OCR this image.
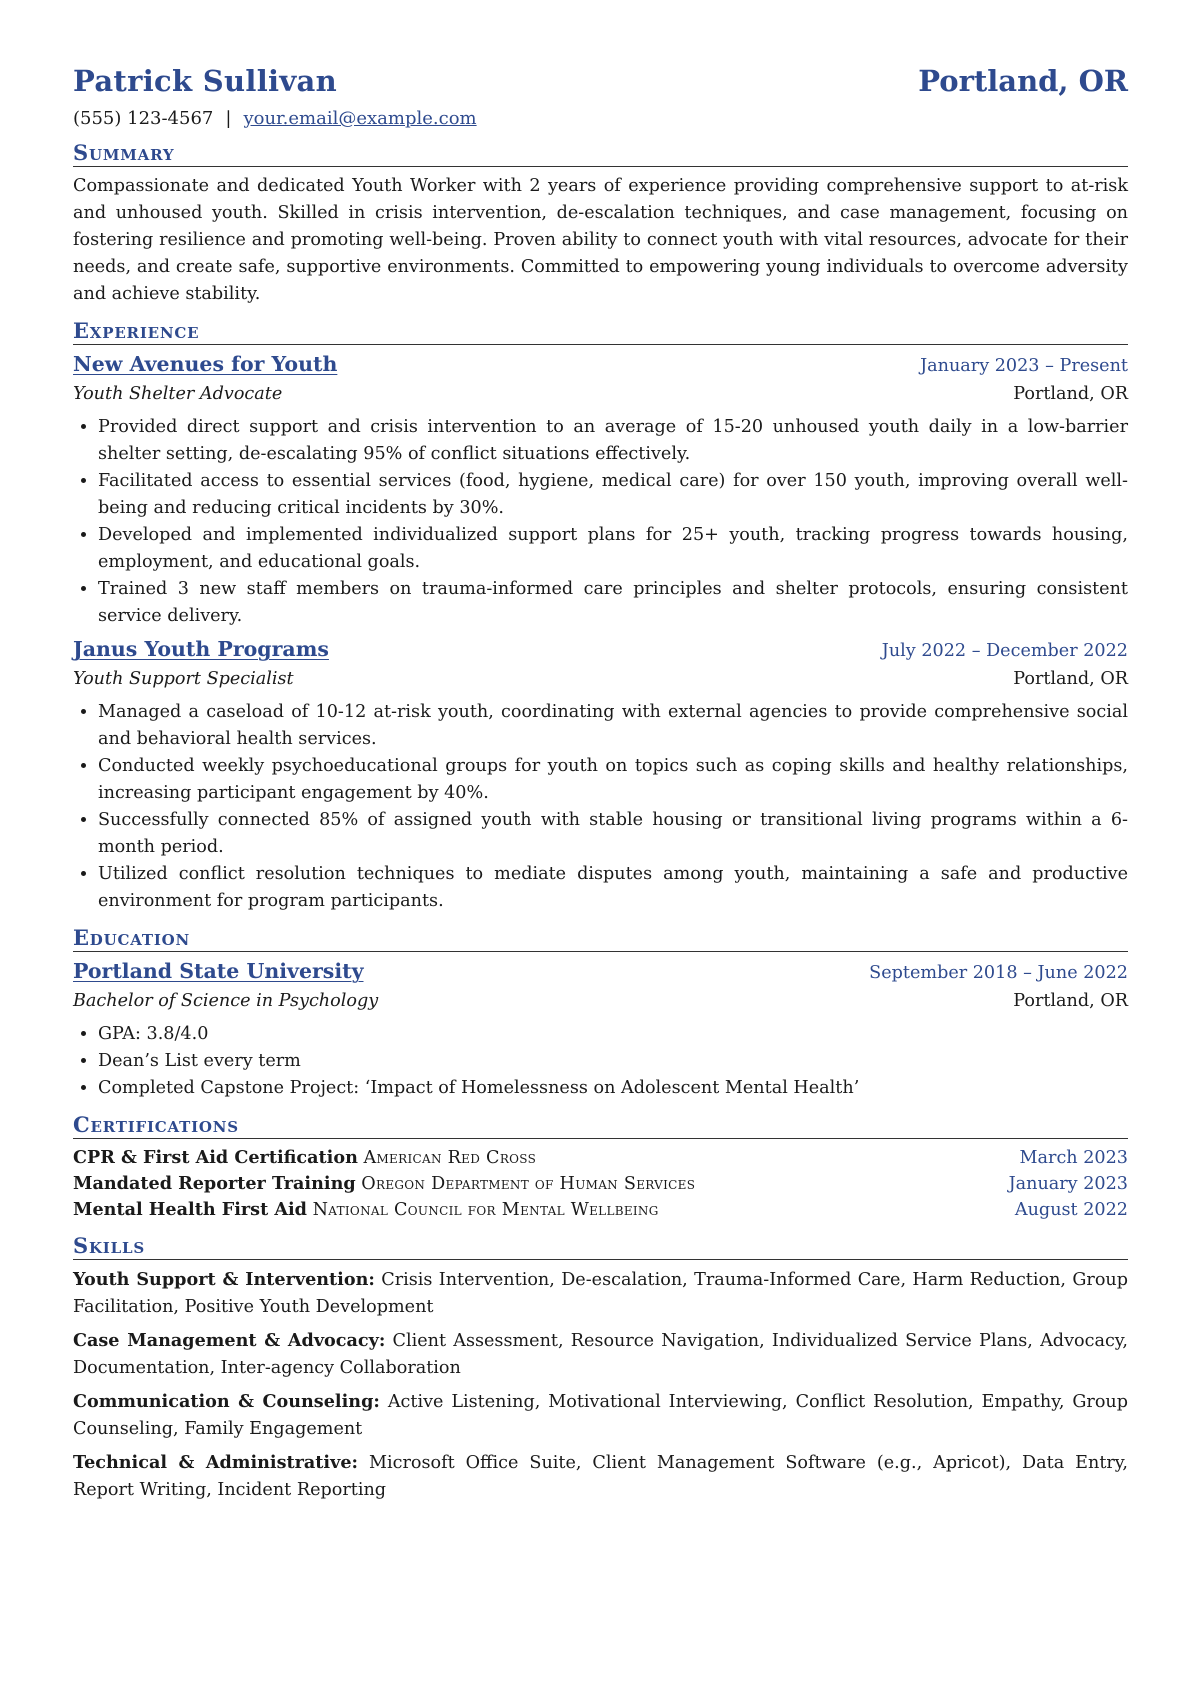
Patrick Sullivan	Portland, OR
(555) 123-4567 | your.email@example.com
Summary
Compassionate and dedicated Youth Worker with 2 years of experience providing comprehensive support to at-risk and unhoused youth. Skilled in crisis intervention, de-escalation techniques, and case management, focusing on fostering resilience and promoting well-being. Proven ability to connect youth with vital resources, advocate for their needs, and create safe, supportive environments. Committed to empowering young individuals to overcome adversity and achieve stability.
Experience
New Avenues for Youth	January 2023 – Present
Youth Shelter Advocate	Portland, OR
• Provided direct support and crisis intervention to an average of 15-20 unhoused youth daily in a low-barrier shelter setting, de-escalating 95% of conflict situations effectively.
• Facilitated access to essential services (food, hygiene, medical care) for over 150 youth, improving overall well-being and reducing critical incidents by 30%.
• Developed and implemented individualized support plans for 25+ youth, tracking progress towards housing, employment, and educational goals.
• Trained 3 new staff members on trauma-informed care principles and shelter protocols, ensuring consistent service delivery.
Janus Youth Programs	July 2022 – December 2022
Youth Support Specialist	Portland, OR
• Managed a caseload of 10-12 at-risk youth, coordinating with external agencies to provide comprehensive social and behavioral health services.
• Conducted weekly psychoeducational groups for youth on topics such as coping skills and healthy relationships, increasing participant engagement by 40%.
• Successfully connected 85% of assigned youth with stable housing or transitional living programs within a 6-month period.
• Utilized conflict resolution techniques to mediate disputes among youth, maintaining a safe and productive environment for program participants.
Education
Portland State University	September 2018 – June 2022
Bachelor of Science in Psychology	Portland, OR
• GPA: 3.8/4.0
• Dean’s List every term
• Completed Capstone Project: ‘Impact of Homelessness on Adolescent Mental Health’
Certifications
CPR & First Aid Certification American Red Cross	March 2023
Mandated Reporter Training Oregon Department of Human Services	January 2023
Mental Health First Aid National Council for Mental Wellbeing	August 2022
Skills
Youth Support & Intervention: Crisis Intervention, De-escalation, Trauma-Informed Care, Harm Reduction, Group Facilitation, Positive Youth Development
Case Management & Advocacy: Client Assessment, Resource Navigation, Individualized Service Plans, Advocacy, Documentation, Inter-agency Collaboration
Communication & Counseling: Active Listening, Motivational Interviewing, Conflict Resolution, Empathy, Group Counseling, Family Engagement
Technical & Administrative: Microsoft Office Suite, Client Management Software (e.g., Apricot), Data Entry, Report Writing, Incident Reporting
